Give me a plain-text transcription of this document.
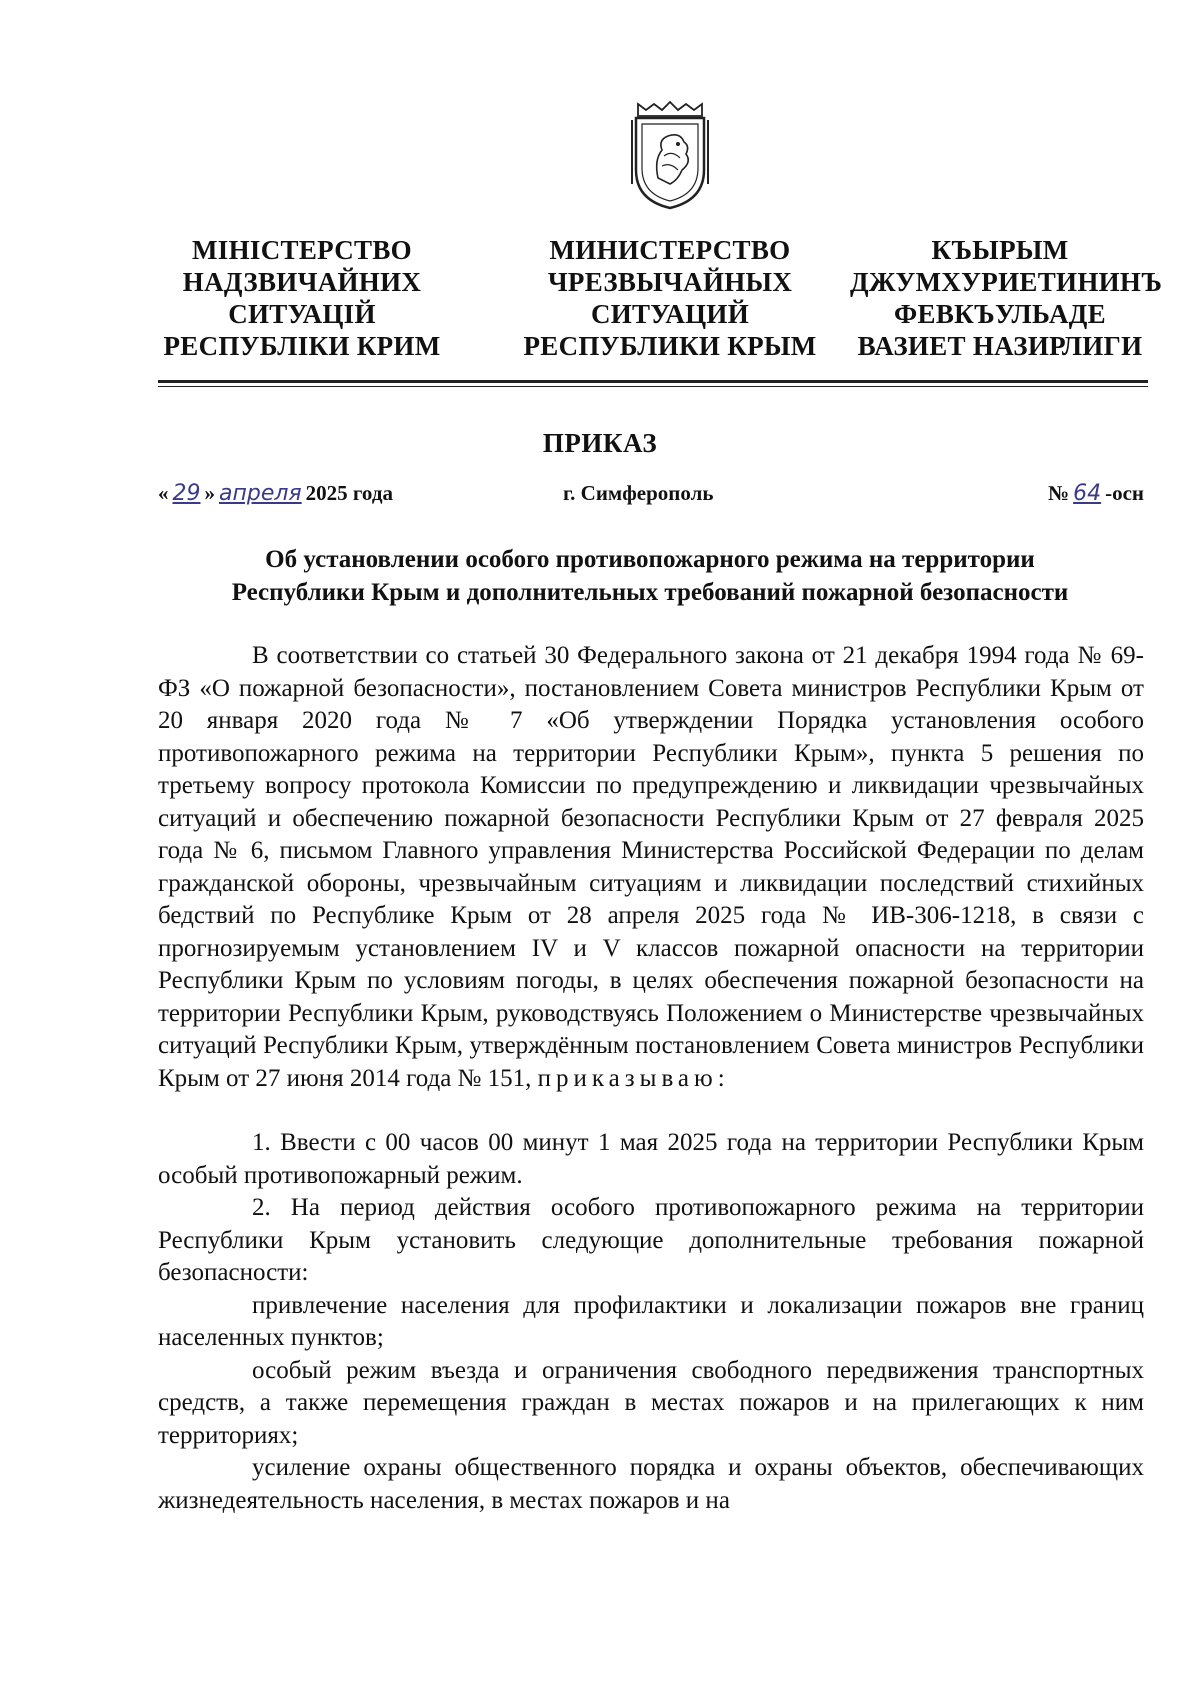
МІНІСТЕРСТВО
НАДЗВИЧАЙНИХ
СИТУАЦІЙ
РЕСПУБЛІКИ КРИМ
МИНИСТЕРСТВО
ЧРЕЗВЫЧАЙНЫХ
СИТУАЦИЙ
РЕСПУБЛИКИ КРЫМ
КЪЫРЫМ
ДЖУМХУРИЕТИНИНЪ
ФЕВКЪУЛЬАДЕ
ВАЗИЕТ НАЗИРЛИГИ
ПРИКАЗ
« 29 » апреля 2025 года	г. Симферополь	№ 64 -осн
Об установлении особого противопожарного режима на территории
Республики Крым и дополнительных требований пожарной безопасности

В соответствии со статьей 30 Федерального закона от 21 декабря 1994 года № 69-ФЗ «О пожарной безопасности», постановлением Совета министров Республики Крым от 20 января 2020 года № 7 «Об утверждении Порядка установления особого противопожарного режима на территории Республики Крым», пункта 5 решения по третьему вопросу протокола Комиссии по предупреждению и ликвидации чрезвычайных ситуаций и обеспечению пожарной безопасности Республики Крым от 27 февраля 2025 года № 6, письмом Главного управления Министерства Российской Федерации по делам гражданской обороны, чрезвычайным ситуациям и ликвидации последствий стихийных бедствий по Республике Крым от 28 апреля 2025 года № ИВ-306-1218, в связи с прогнозируемым установлением IV и V классов пожарной опасности на территории Республики Крым по условиям погоды, в целях обеспечения пожарной безопасности на территории Республики Крым, руководствуясь Положением о Министерстве чрезвычайных ситуаций Республики Крым, утверждённым постановлением Совета министров Республики Крым от 27 июня 2014 года № 151, приказываю:

1. Ввести с 00 часов 00 минут 1 мая 2025 года на территории Республики Крым особый противопожарный режим.

2. На период действия особого противопожарного режима на территории Республики Крым установить следующие дополнительные требования пожарной безопасности:

привлечение населения для профилактики и локализации пожаров вне границ населенных пунктов;

особый режим въезда и ограничения свободного передвижения транспортных средств, а также перемещения граждан в местах пожаров и на прилегающих к ним территориях;

усиление охраны общественного порядка и охраны объектов, обеспечивающих жизнедеятельность населения, в местах пожаров и на
